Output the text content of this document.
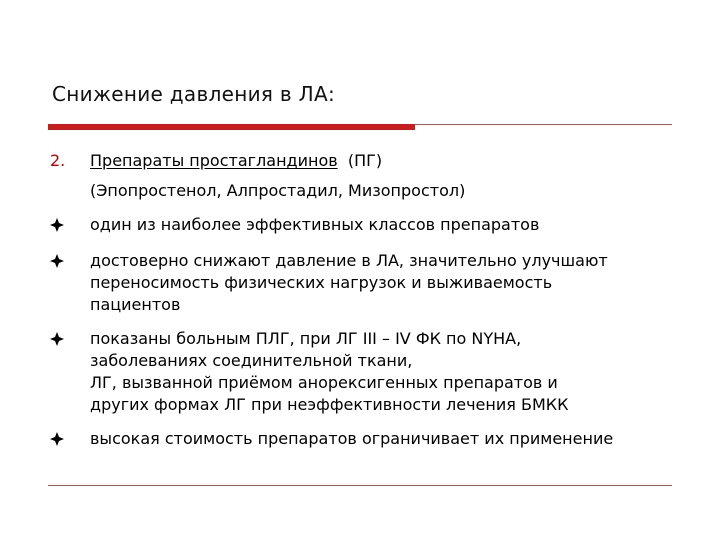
Снижение давления в ЛА:
2.	Препараты простагландинов (ПГ)
(Эпопростенол, Алпростадил, Мизопростол)
один из наиболее эффективных классов препаратов
достоверно снижают давление в ЛА, значительно улучшают
переносимость физических нагрузок и выживаемость
пациентов
показаны больным ПЛГ, при ЛГ III – IV ФК по NYHA,
заболеваниях соединительной ткани,
ЛГ, вызванной приёмом анорексигенных препаратов и
других формах ЛГ при неэффективности лечения БМКК
высокая стоимость препаратов ограничивает их применение
